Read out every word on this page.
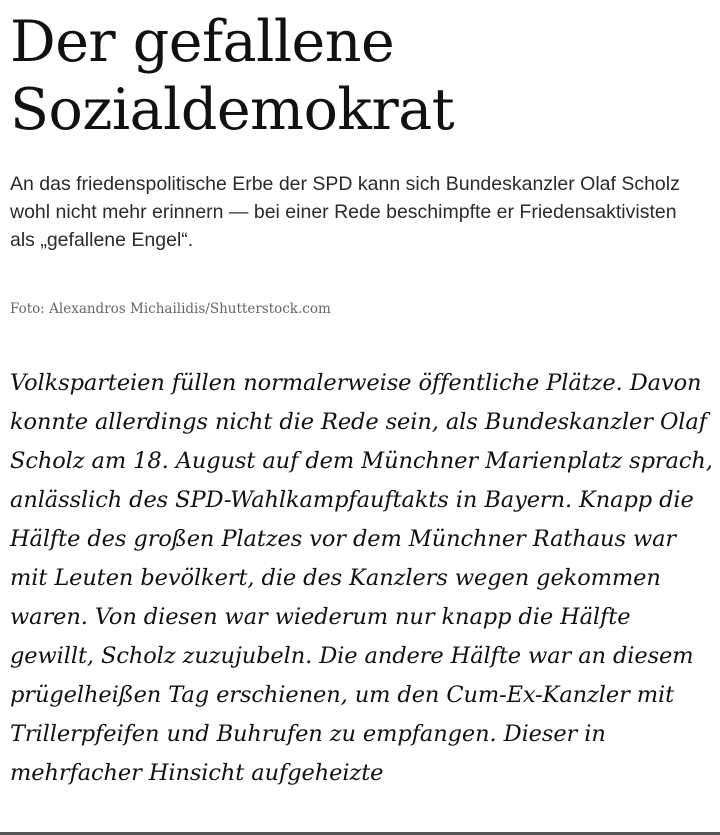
Der gefallene Sozialdemokrat

An das friedenspolitische Erbe der SPD kann sich Bundeskanzler Olaf Scholz wohl nicht mehr erinnern — bei einer Rede beschimpfte er Friedensaktivisten als „gefallene Engel“.

Foto: Alexandros Michailidis/Shutterstock.com

Volksparteien füllen normalerweise öffentliche Plätze. Davon konnte allerdings nicht die Rede sein, als Bundeskanzler Olaf Scholz am 18. August auf dem Münchner Marienplatz sprach, anlässlich des SPD-Wahlkampfauftakts in Bayern. Knapp die Hälfte des großen Platzes vor dem Münchner Rathaus war mit Leuten bevölkert, die des Kanzlers wegen gekommen waren. Von diesen war wiederum nur knapp die Hälfte gewillt, Scholz zuzujubeln. Die andere Hälfte war an diesem prügelheißen Tag erschienen, um den Cum-Ex-Kanzler mit Trillerpfeifen und Buhrufen zu empfangen. Dieser in mehrfacher Hinsicht aufgeheizte
